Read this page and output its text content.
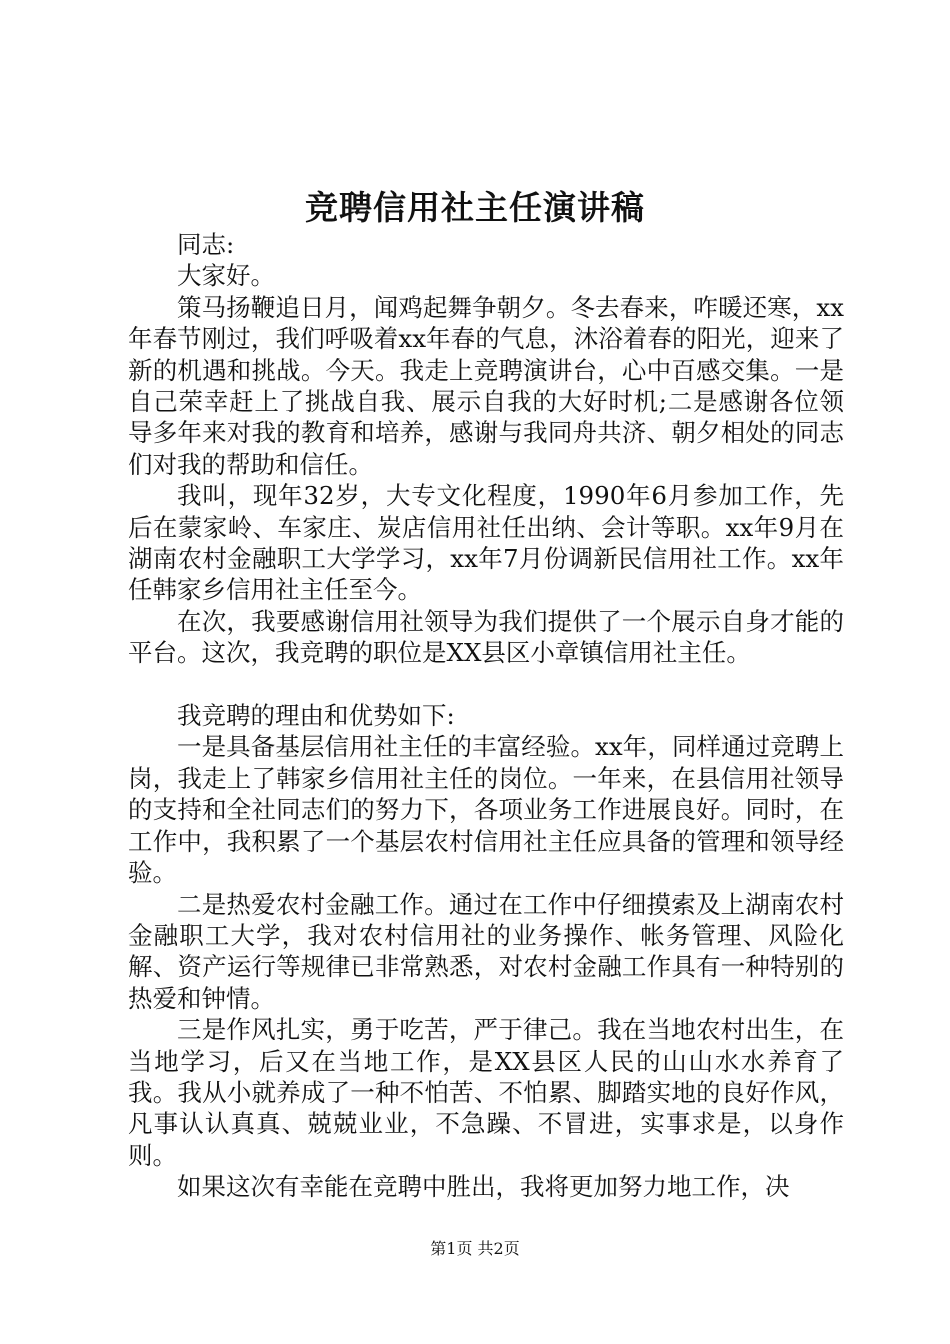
竞聘信用社主任演讲稿

同志:

大家好。

策马扬鞭追日月，闻鸡起舞争朝夕。冬去春来，咋暖还寒，xx年春节刚过，我们呼吸着xx年春的气息，沐浴着春的阳光，迎来了新的机遇和挑战。今天。我走上竞聘演讲台，心中百感交集。一是自己荣幸赶上了挑战自我、展示自我的大好时机;二是感谢各位领导多年来对我的教育和培养，感谢与我同舟共济、朝夕相处的同志们对我的帮助和信任。

我叫，现年32岁，大专文化程度，1990年6月参加工作，先后在蒙家岭、车家庄、炭店信用社任出纳、会计等职。xx年9月在湖南农村金融职工大学学习，xx年7月份调新民信用社工作。xx年任韩家乡信用社主任至今。

在次，我要感谢信用社领导为我们提供了一个展示自身才能的平台。这次，我竞聘的职位是XX县区小章镇信用社主任。

我竞聘的理由和优势如下:

一是具备基层信用社主任的丰富经验。xx年，同样通过竞聘上岗，我走上了韩家乡信用社主任的岗位。一年来，在县信用社领导的支持和全社同志们的努力下，各项业务工作进展良好。同时，在工作中，我积累了一个基层农村信用社主任应具备的管理和领导经验。

二是热爱农村金融工作。通过在工作中仔细摸索及上湖南农村金融职工大学，我对农村信用社的业务操作、帐务管理、风险化解、资产运行等规律已非常熟悉，对农村金融工作具有一种特别的热爱和钟情。

三是作风扎实，勇于吃苦，严于律己。我在当地农村出生，在当地学习，后又在当地工作，是XX县区人民的山山水水养育了我。我从小就养成了一种不怕苦、不怕累、脚踏实地的良好作风，凡事认认真真、兢兢业业，不急躁、不冒进，实事求是，以身作则。

如果这次有幸能在竞聘中胜出，我将更加努力地工作，决

第1页 共2页
